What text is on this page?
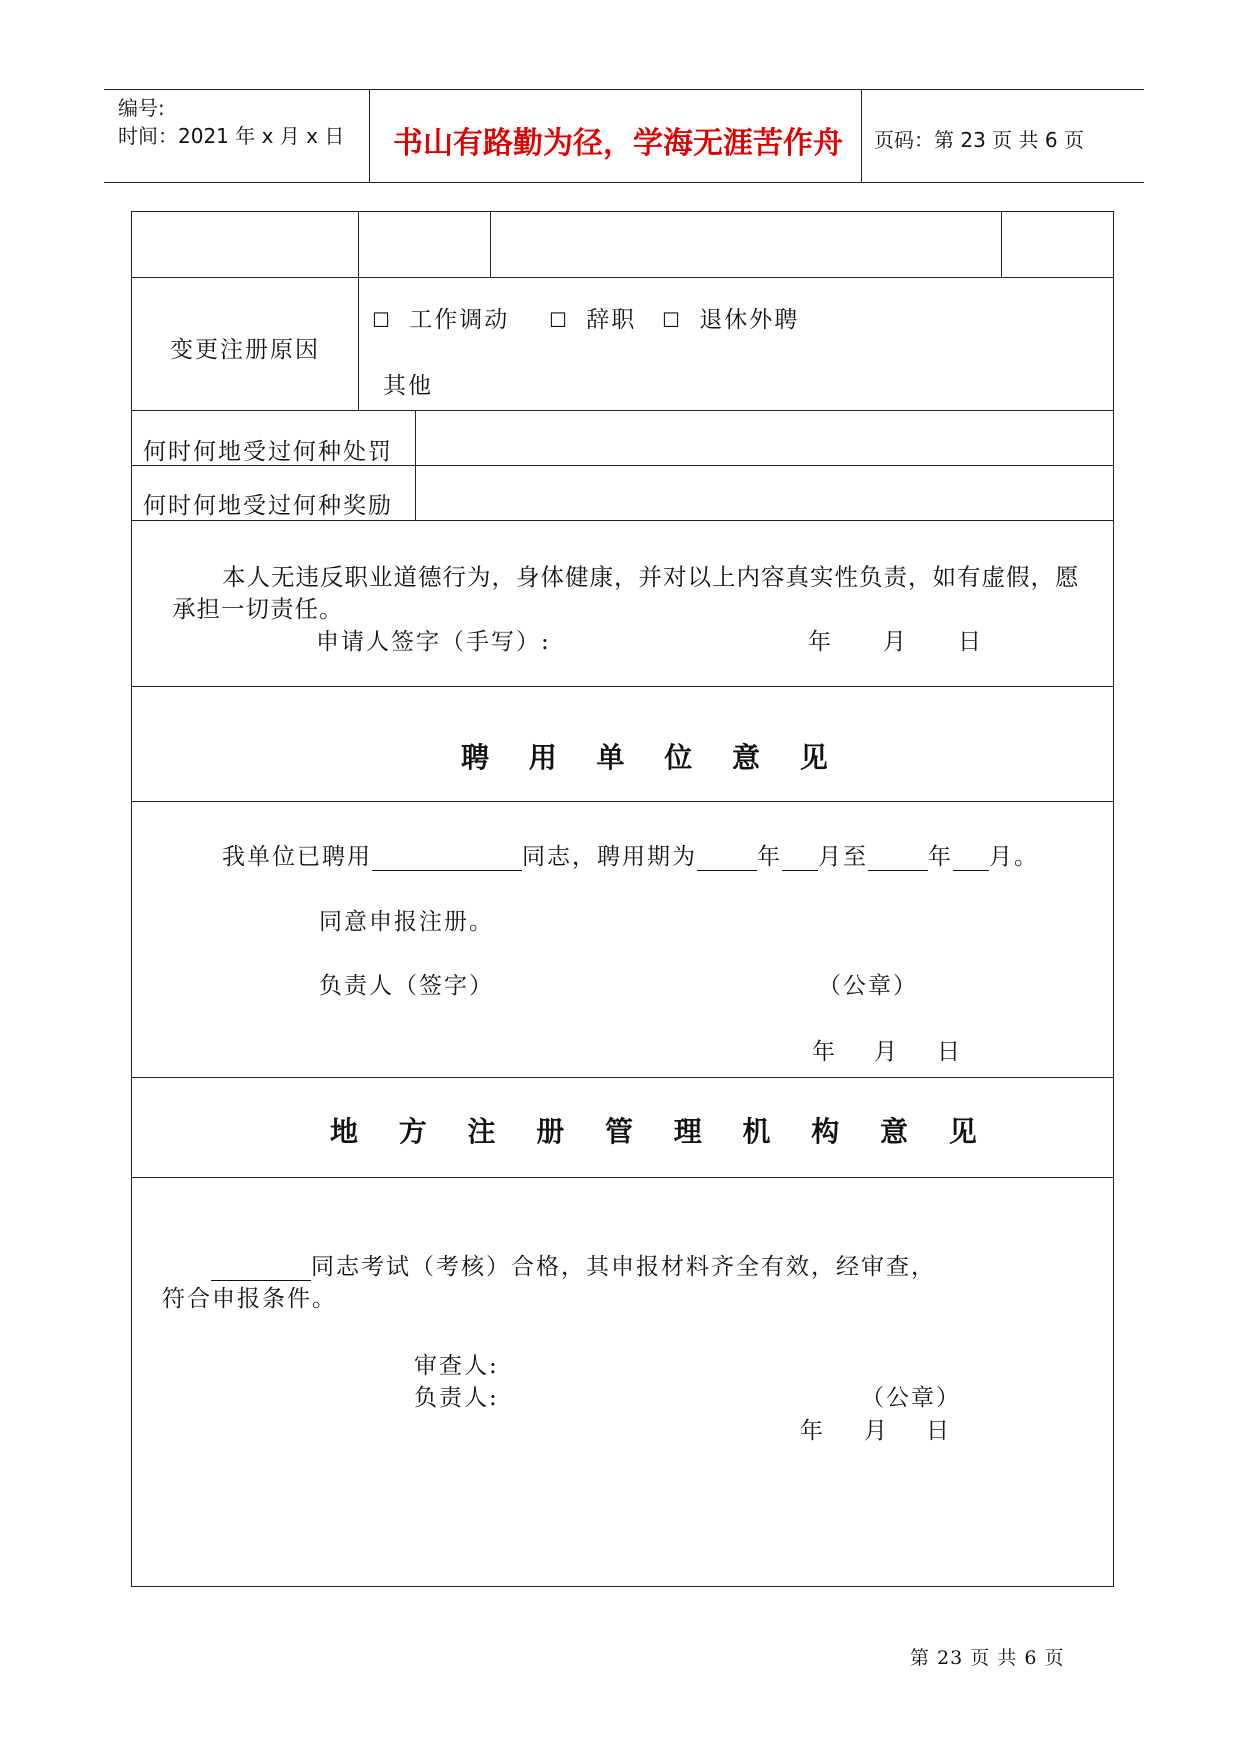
编号:
时间：2021 年 x 月 x 日 书山有路勤为径，学海无涯苦作舟 页码：第 23 页 共 6 页
变更注册原因
☐ 工作调动 ☐ 辞职 ☐ 退休外聘
其他
何时何地受过何种处罚
何时何地受过何种奖励
本人无违反职业道德行为，身体健康，并对以上内容真实性负责，如有虚假，愿
承担一切责任。
申请人签字（手写）:	年 月 日
聘 用 单 位 意 见
我单位已聘用	同志，聘用期为	年 月至	年 月。
同意申报注册。
负责人（签字）	（公章）
年 月 日
地 方 注 册 管 理 机 构 意 见
同志考试（考核）合格，其申报材料齐全有效，经审查，
符合申报条件。
审查人:
负责人:	（公章）
年 月 日
第 23 页 共 6 页
